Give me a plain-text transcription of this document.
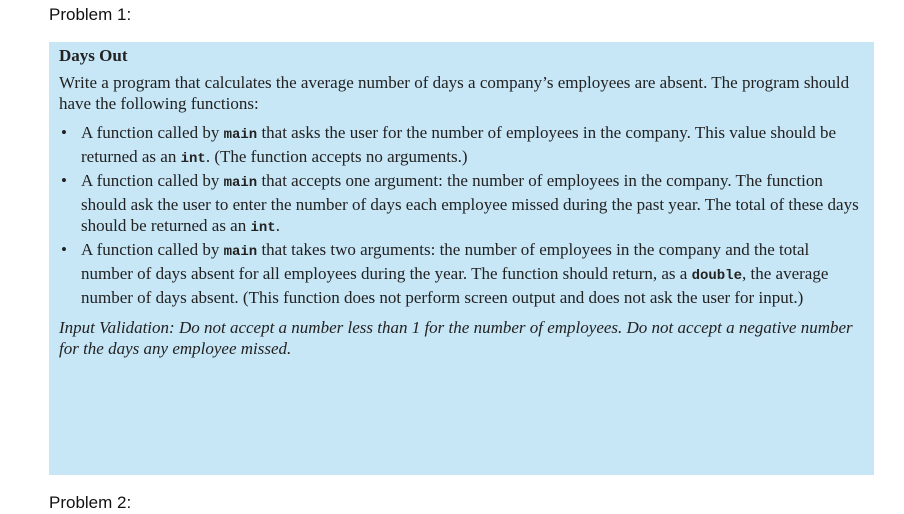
Problem 1:
Days Out

Write a program that calculates the average number of days a company’s employees are absent. The program should have the following functions:

• A function called by main that asks the user for the number of employees in the company. This value should be returned as an int. (The function accepts no arguments.)
• A function called by main that accepts one argument: the number of employees in the company. The function should ask the user to enter the number of days each employee missed during the past year. The total of these days should be returned as an int.
• A function called by main that takes two arguments: the number of employees in the company and the total number of days absent for all employees during the year. The function should return, as a double, the average number of days absent. (This function does not perform screen output and does not ask the user for input.)

Input Validation: Do not accept a number less than 1 for the number of employees. Do not accept a negative number for the days any employee missed.

Problem 2:
